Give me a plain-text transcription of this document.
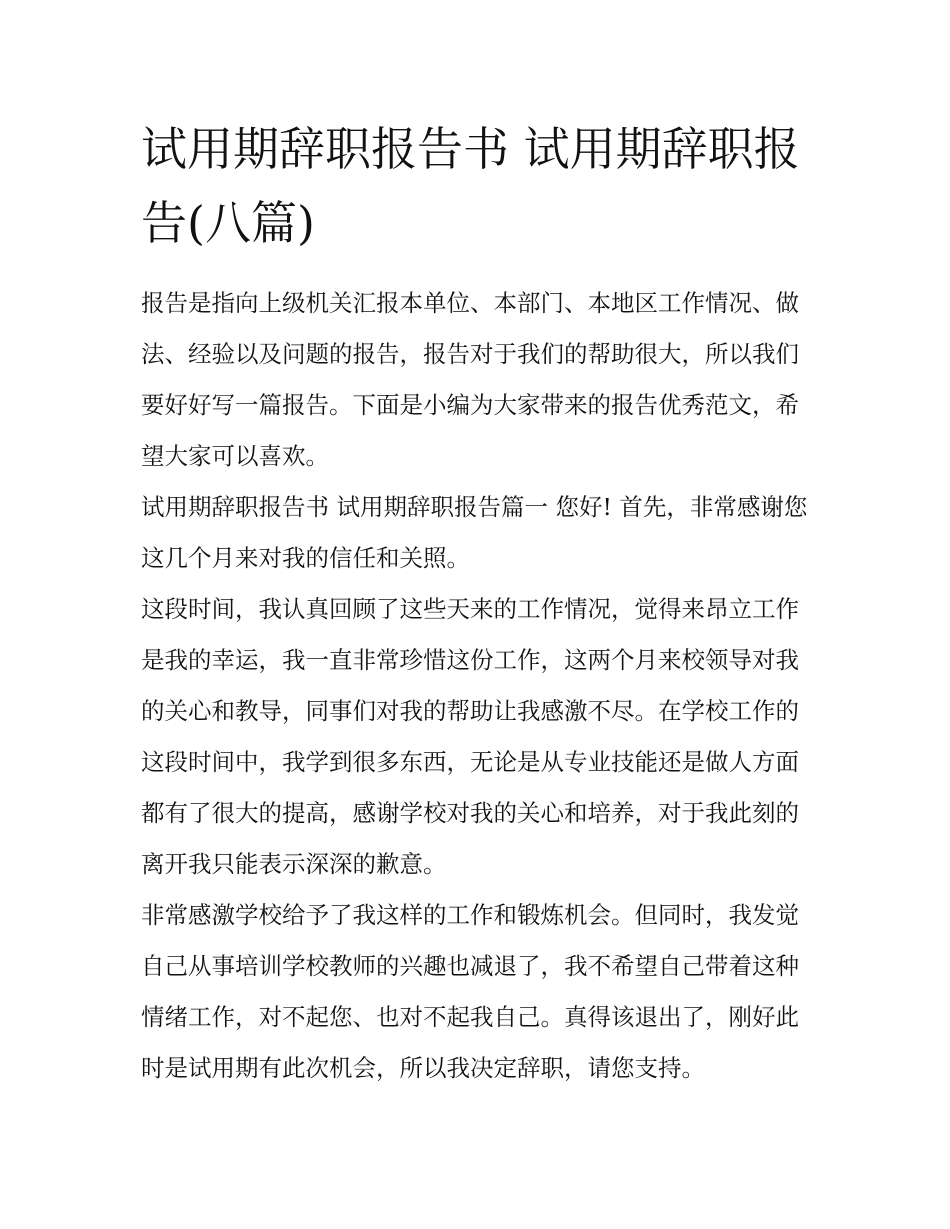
试用期辞职报告书 试用期辞职报告(八篇)

报告是指向上级机关汇报本单位、本部门、本地区工作情况、做法、经验以及问题的报告，报告对于我们的帮助很大，所以我们要好好写一篇报告。下面是小编为大家带来的报告优秀范文，希望大家可以喜欢。

试用期辞职报告书 试用期辞职报告篇一 您好! 首先，非常感谢您这几个月来对我的信任和关照。

这段时间，我认真回顾了这些天来的工作情况，觉得来昂立工作是我的幸运，我一直非常珍惜这份工作，这两个月来校领导对我的关心和教导，同事们对我的帮助让我感激不尽。在学校工作的这段时间中，我学到很多东西，无论是从专业技能还是做人方面都有了很大的提高，感谢学校对我的关心和培养，对于我此刻的离开我只能表示深深的歉意。

非常感激学校给予了我这样的工作和锻炼机会。但同时，我发觉自己从事培训学校教师的兴趣也减退了，我不希望自己带着这种情绪工作，对不起您、也对不起我自己。真得该退出了，刚好此时是试用期有此次机会，所以我决定辞职，请您支持。
